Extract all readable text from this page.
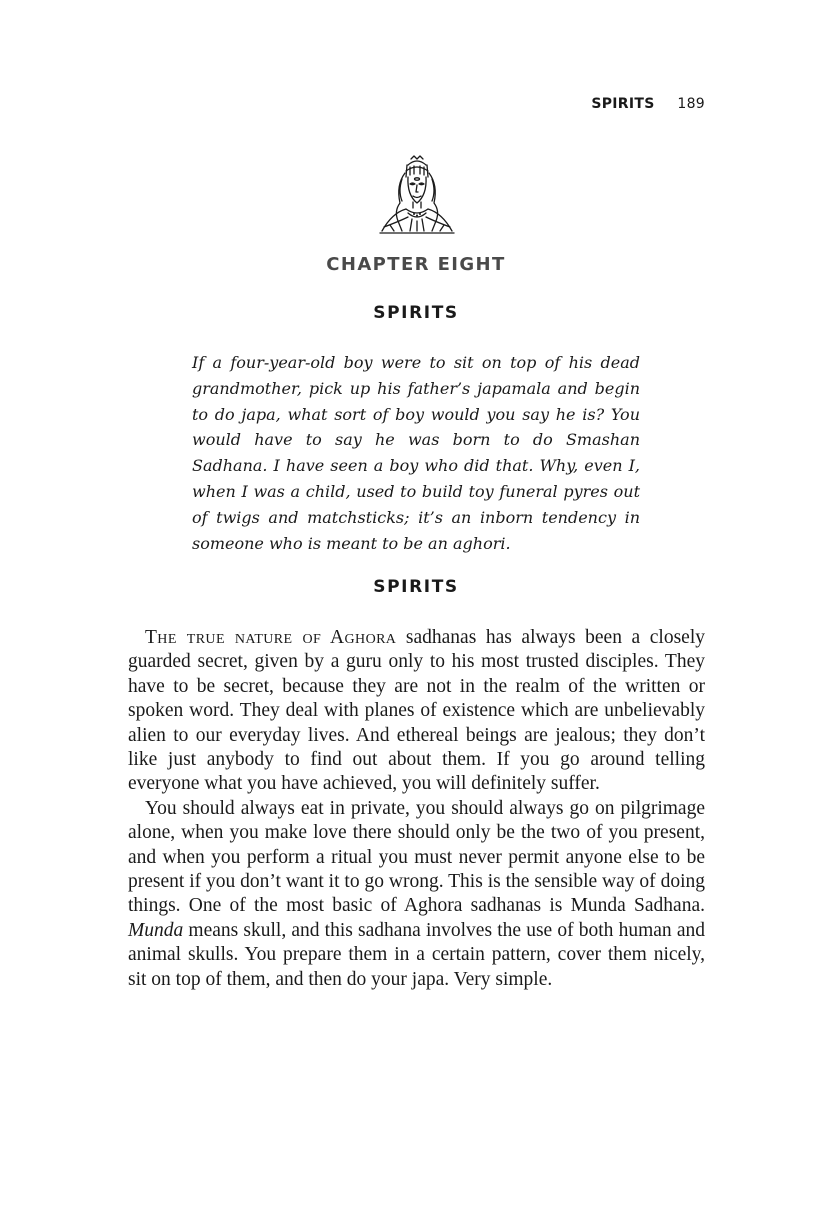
SPIRITS 189
CHAPTER EIGHT
SPIRITS
If a four-year-old boy were to sit on top of his dead grandmother, pick up his father’s japamala and begin to do japa, what sort of boy would you say he is? You would have to say he was born to do Smashan Sadhana. I have seen a boy who did that. Why, even I, when I was a child, used to build toy funeral pyres out of twigs and matchsticks; it’s an inborn tendency in someone who is meant to be an aghori.
SPIRITS

The true nature of Aghora sadhanas has always been a closely guarded secret, given by a guru only to his most trusted disciples. They have to be secret, because they are not in the realm of the written or spoken word. They deal with planes of existence which are unbelievably alien to our everyday lives. And ethereal beings are jealous; they don’t like just anybody to find out about them. If you go around telling everyone what you have achieved, you will definitely suffer.

You should always eat in private, you should always go on pilgrimage alone, when you make love there should only be the two of you present, and when you perform a ritual you must never permit anyone else to be present if you don’t want it to go wrong. This is the sensible way of doing things. One of the most basic of Aghora sadhanas is Munda Sadhana. Munda means skull, and this sadhana involves the use of both human and animal skulls. You prepare them in a certain pattern, cover them nicely, sit on top of them, and then do your japa. Very simple.
